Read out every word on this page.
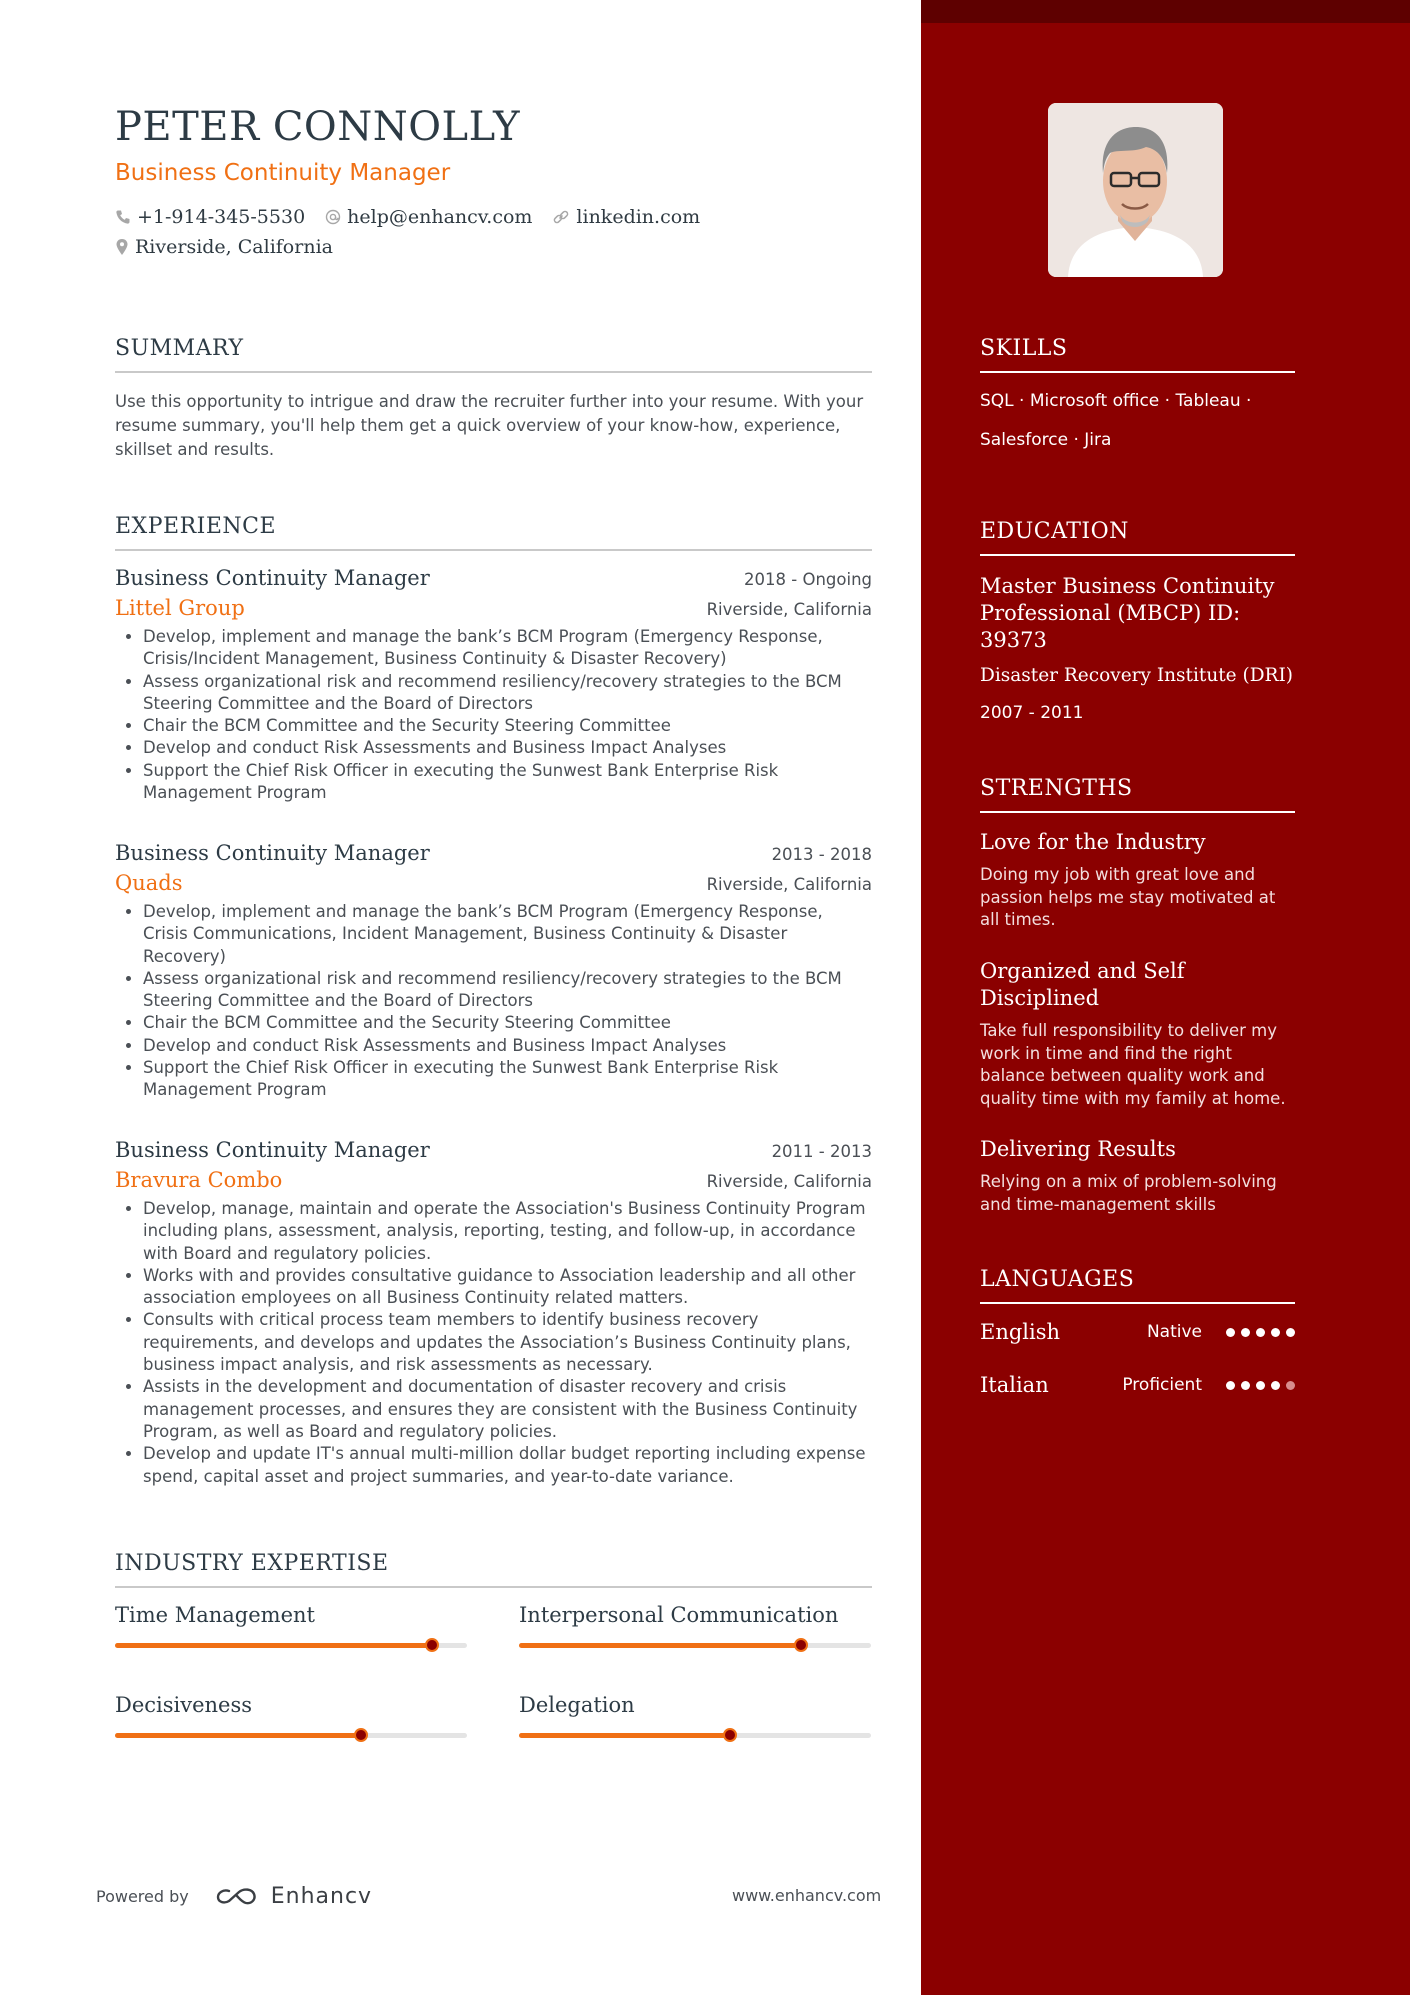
PETER CONNOLLY
Business Continuity Manager
+1-914-345-5530 help@enhancv.com linkedin.com
Riverside, California
SUMMARY
Use this opportunity to intrigue and draw the recruiter further into your resume. With your resume summary, you'll help them get a quick overview of your know-how, experience, skillset and results.
EXPERIENCE
Business Continuity Manager	2018 - Ongoing
Littel Group	Riverside, California
• Develop, implement and manage the bank’s BCM Program (Emergency Response, Crisis/Incident Management, Business Continuity & Disaster Recovery)
• Assess organizational risk and recommend resiliency/recovery strategies to the BCM Steering Committee and the Board of Directors
• Chair the BCM Committee and the Security Steering Committee
• Develop and conduct Risk Assessments and Business Impact Analyses
• Support the Chief Risk Officer in executing the Sunwest Bank Enterprise Risk Management Program
Business Continuity Manager	2013 - 2018
Quads	Riverside, California
• Develop, implement and manage the bank’s BCM Program (Emergency Response, Crisis Communications, Incident Management, Business Continuity & Disaster Recovery)
• Assess organizational risk and recommend resiliency/recovery strategies to the BCM Steering Committee and the Board of Directors
• Chair the BCM Committee and the Security Steering Committee
• Develop and conduct Risk Assessments and Business Impact Analyses
• Support the Chief Risk Officer in executing the Sunwest Bank Enterprise Risk Management Program
Business Continuity Manager	2011 - 2013
Bravura Combo	Riverside, California
• Develop, manage, maintain and operate the Association's Business Continuity Program including plans, assessment, analysis, reporting, testing, and follow-up, in accordance with Board and regulatory policies.
• Works with and provides consultative guidance to Association leadership and all other association employees on all Business Continuity related matters.
• Consults with critical process team members to identify business recovery requirements, and develops and updates the Association’s Business Continuity plans, business impact analysis, and risk assessments as necessary.
• Assists in the development and documentation of disaster recovery and crisis management processes, and ensures they are consistent with the Business Continuity Program, as well as Board and regulatory policies.
• Develop and update IT's annual multi-million dollar budget reporting including expense spend, capital asset and project summaries, and year-to-date variance.
INDUSTRY EXPERTISE
Time Management	Interpersonal Communication
Decisiveness	Delegation
Powered by	Enhancv	www.enhancv.com
SKILLS
SQL · Microsoft office · Tableau ·
Salesforce · Jira
EDUCATION
Master Business Continuity Professional (MBCP) ID: 39373
Disaster Recovery Institute (DRI)
2007 - 2011
STRENGTHS
Love for the Industry
Doing my job with great love and passion helps me stay motivated at all times.
Organized and Self Disciplined
Take full responsibility to deliver my work in time and find the right balance between quality work and quality time with my family at home.
Delivering Results
Relying on a mix of problem-solving and time-management skills
LANGUAGES
English	Native
Italian	Proficient
